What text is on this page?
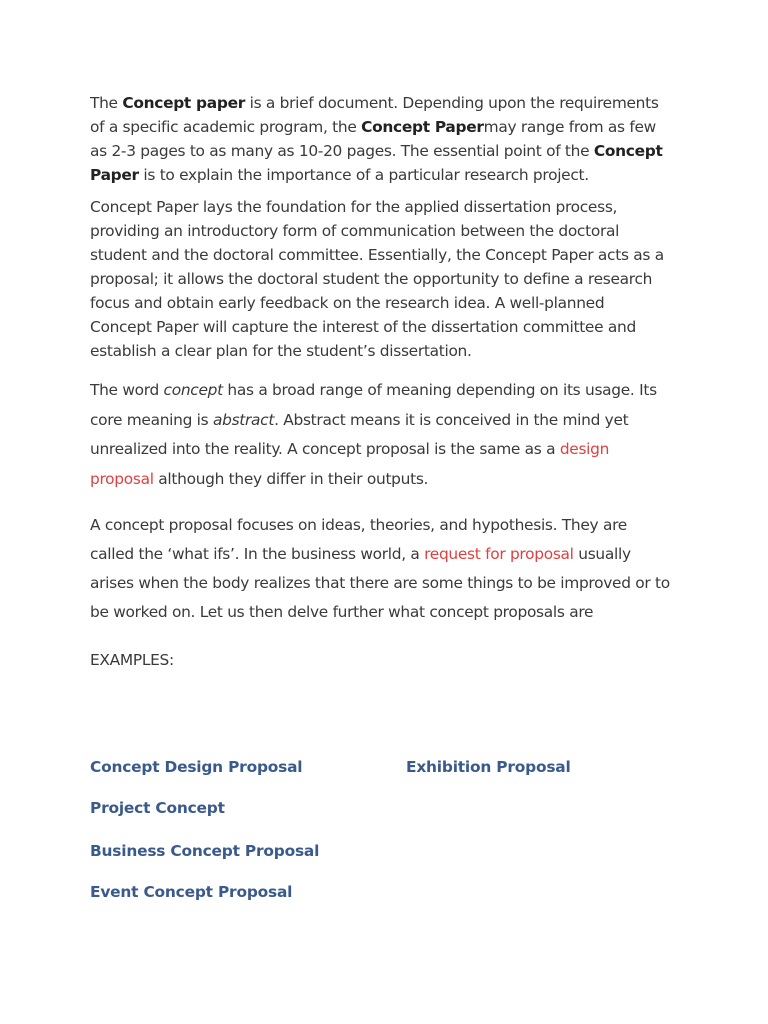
The Concept paper is a brief document. Depending upon the requirements of a specific academic program, the Concept Papermay range from as few as 2-3 pages to as many as 10-20 pages. The essential point of the Concept Paper is to explain the importance of a particular research project.

Concept Paper lays the foundation for the applied dissertation process, providing an introductory form of communication between the doctoral student and the doctoral committee. Essentially, the Concept Paper acts as a proposal; it allows the doctoral student the opportunity to define a research focus and obtain early feedback on the research idea. A well-planned Concept Paper will capture the interest of the dissertation committee and establish a clear plan for the student’s dissertation.

The word concept has a broad range of meaning depending on its usage. Its core meaning is abstract. Abstract means it is conceived in the mind yet unrealized into the reality. A concept proposal is the same as a design proposal although they differ in their outputs.

A concept proposal focuses on ideas, theories, and hypothesis. They are called the ‘what ifs’. In the business world, a request for proposal usually arises when the body realizes that there are some things to be improved or to be worked on. Let us then delve further what concept proposals are

EXAMPLES:
Concept Design Proposal	Exhibition Proposal
Project Concept
Business Concept Proposal
Event Concept Proposal
